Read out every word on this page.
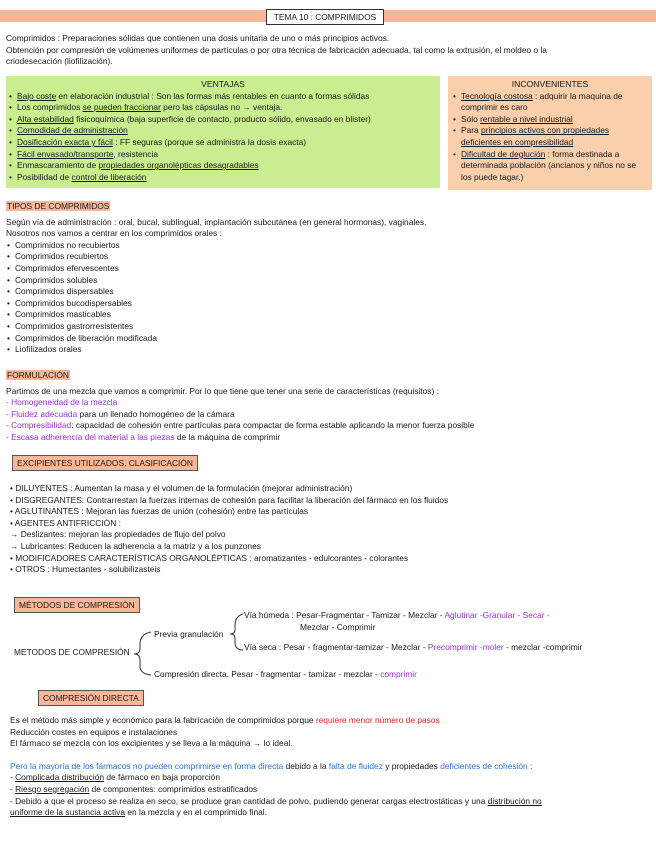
TEMA 10 : COMPRIMIDOS
Comprimidos : Preparaciones sólidas que contienen una dosis unitaria de uno o más principios activos.
Obtención por compresión de volúmenes uniformes de partículas o por otra técnica de fabricación adecuada, tal como la extrusión, el moldeo o la
criodesecación (liofilización).
VENTAJAS
• Bajo coste en elaboración industrial : Son las formas más rentables en cuanto a formas sólidas
• Los comprimidos se pueden fraccionar pero las cápsulas no → ventaja.
• Alta estabilidad fisicoquímica (baja superficie de contacto, producto sólido, envasado en blister)
• Comodidad de administración
• Dosificación exacta y fácil : FF seguras (porque se administra la dosis exacta)
• Fácil envasado/transporte, resistencia
• Enmascaramiento de propiedades organolépticas desagradables
• Posibilidad de control de liberación
INCONVENIENTES
• Tecnología costosa : adquirir la maquina de comprimir es caro
• Sólo rentable a nivel industrial
• Para principios activos con propiedades deficientes en compresibilidad
• Dificultad de deglución : forma destinada a determinada población (ancianos y niños no se los puede tagar.)
TIPOS DE COMPRIMIDOS
Según vía de administración : oral, bucal, sublingual, implantación subcutánea (en general hormonas), vaginales.
Nosotros nos vamos a centrar en los comprimidos orales :
• Comprimidos no recubiertos
• Comprimidos recubiertos
• Comprimidos efervescentes
• Comprimidos solubles
• Comprimidos dispersables
• Comprimidos bucodispersables
• Comprimidos masticables
• Comprimidos gastrorresistentes
• Comprimidos de liberación modificada
• Liofilizados orales
FORMULACIÓN
Partimos de una mezcla que vamos a comprimir. Por lo que tiene que tener una serie de características (requisitos) :
- Homogeneidad de la mezcla
- Fluidez adecuada para un llenado homogéneo de la cámara
- Compresibilidad: capacidad de cohesión entre partículas para compactar de forma estable aplicando la menor fuerza posible
- Escasa adherencia del material a las piezas de la máquina de comprimir
EXCIPIENTES UTILIZADOS. CLASIFICACIÓN
• DILUYENTES : Aumentan la masa y el volumen de la formulación (mejorar administración)
• DISGREGANTES: Contrarrestan la fuerzas internas de cohesión para facilitar la liberación del fármaco en los fluidos
• AGLUTINANTES : Mejoran las fuerzas de unión (cohesión) entre las partículas
• AGENTES ANTIFRICCIÓN :
→ Deslizantes: mejoran las propiedades de flujo del polvo
→ Lubricantes: Reducen la adherencia a la matriz y a los punzones
• MODIFICADORES CARACTERÍSTICAS ORGANOLÉPTICAS : aromatizantes - edulcorantes - colorantes
• OTROS : Humectantes - solubilizasteis
MÉTODOS DE COMPRESIÓN
METODOS DE COMPRESIÓN
Previa granulación
Vía húmeda : Pesar-Fragmentar - Tamizar - Mezclar - Aglutinar -Granular - Secar -
Mezclar - Comprimir
Vía seca : Pesar - fragmentar-tamizar - Mezclar - Precomprimir -moler - mezclar -comprimir
Compresión directa. Pesar - fragmentar - tamizar - mezclar - comprimir
COMPRESIÓN DIRECTA
Es el método más simple y económico para la fabricación de comprimidos porque requiere menor número de pasos
Reducción costes en equipos e instalaciones
El fármaco se mezcla con los excipientes y se lleva a la máquina → lo ideal.
Pero la mayoría de los fármacos no pueden comprimirse en forma directa debido a la falta de fluidez y propiedades deficientes de cohesión :
- Complicada distribución de fármaco en baja proporción
- Riesgo segregación de componentes: comprimidos estratificados
- Debido a que el proceso se realiza en seco, se produce gran cantidad de polvo, pudiendo generar cargas electrostáticas y una distribución no
uniforme de la sustancia activa en la mezcla y en el comprimido final.
